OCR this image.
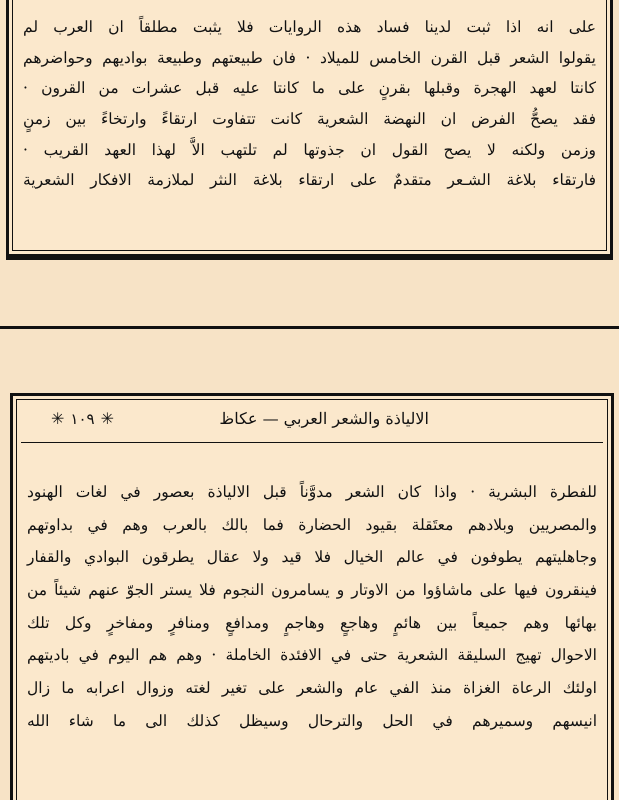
على انه اذا ثبت لدينا فساد هذه الروايات فلا يثبت مطلقاً ان العرب لم
يقولوا الشعر قبل القرن الخامس للميلاد · فان طبيعتهم وطبيعة بواديهم وحواضرهم
كانتا لعهد الهجرة وقبلها بقرنٍ على ما كانتا عليه قبل عشرات من القرون ·
فقد يصحُّ الفرض ان النهضة الشعرية كانت تتفاوت ارتقاءً وارتخاءً بين زمنٍ
وزمن ولكنه لا يصح القول ان جذوتها لم تلتهب الاَّ لهذا العهد القريب ·
فارتقاء بلاغة الشـعر متقدمٌ على ارتقاء بلاغة النثر لملازمة الافكار الشعرية
الالياذة والشعر العربي — عكاظ
✳ ١٠٩ ✳
للفطرة البشرية · واذا كان الشعر مدوَّناً قبل الالياذة بعصور في لغات الهنود
والمصريين وبلادهم معتَقلة بقيود الحضارة فما بالك بالعرب وهم في بداوتهم
وجاهليتهم يطوفون في عالم الخيال فلا قيد ولا عقال يطرقون البوادي والقفار
فينقرون فيها على ماشاؤوا من الاوتار و يسامرون النجوم فلا يستر الجوّ عنهم شيئاً من
بهائها وهم جميعاً بين هائمٍ وهاجعٍ وهاجمٍ ومدافعٍ ومنافرٍ ومفاخرٍ وكل تلك
الاحوال تهيج السليقة الشعرية حتى في الافئدة الخاملة · وهم هم اليوم في باديتهم
اولئك الرعاة الغزاة منذ الفي عام والشعر على تغير لغته وزوال اعرابه ما زال
انيسهم وسميرهم في الحل والترحال وسيظل كذلك الى ما شاء الله
